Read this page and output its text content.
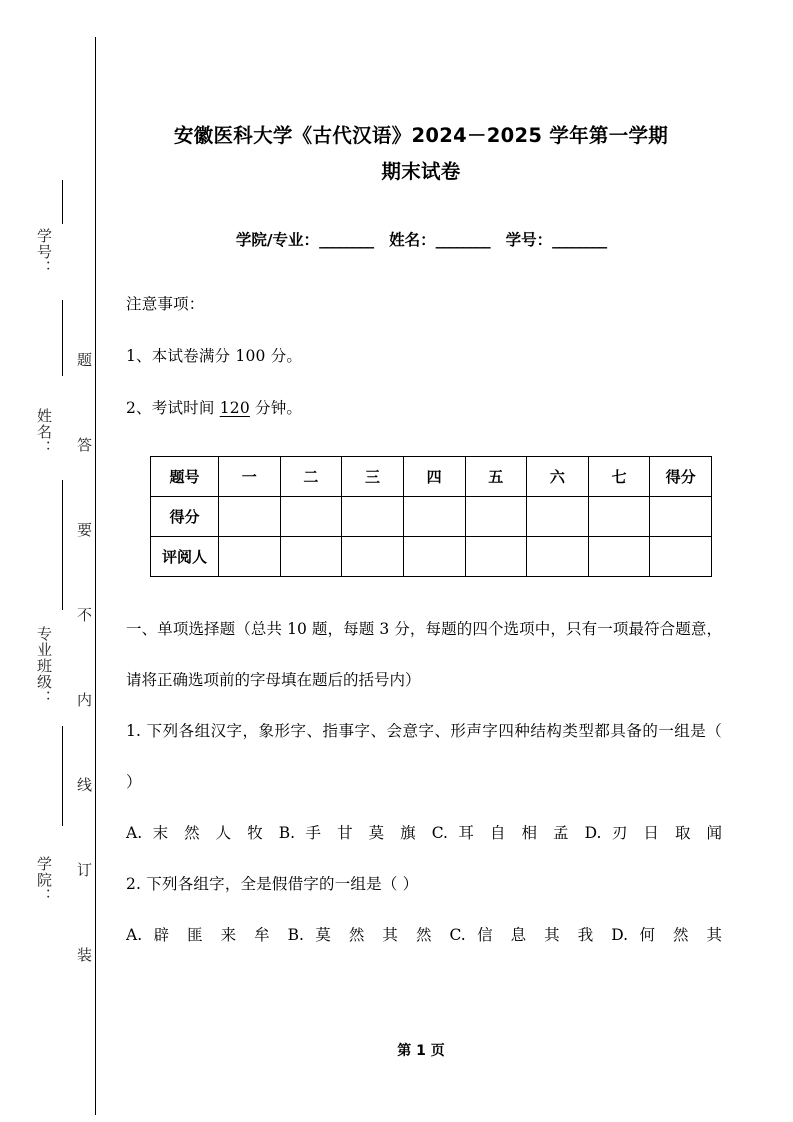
学号：
姓名：
专业班级：
学院：
题
答
要
不
内
线
订
装
安徽医科大学《古代汉语》2024－2025 学年第一学期
期末试卷
学院/专业：________ 姓名：________ 学号：________

注意事项：

1、本试卷满分 100 分。

2、考试时间 120 分钟。

题号	一	二	三	四	五	六	七	得分
得分								
评阅人								

一、单项选择题（总共 10 题，每题 3 分，每题的四个选项中，只有一项最符合题意，请将正确选项前的字母填在题后的括号内）

1. 下列各组汉字，象形字、指事字、会意字、形声字四种结构类型都具备的一组是（ ）

A. 末 然 人 牧 B. 手 甘 莫 旗 C. 耳 自 相 孟 D. 刃 日 取 闻

2. 下列各组字，全是假借字的一组是（ ）

A. 辟 匪 来 牟 B. 莫 然 其 然 C. 信 息 其 我 D. 何 然 其

第 1 页
